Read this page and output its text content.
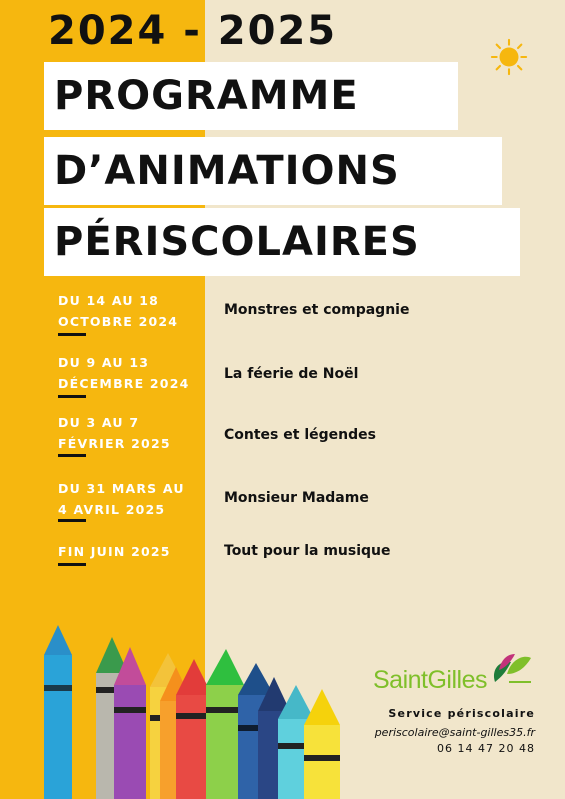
2024 - 2025
PROGRAMME
D’ANIMATIONS
PÉRISCOLAIRES
DU 14 AU 18
OCTOBRE 2024
Monstres et compagnie
DU 9 AU 13
DÉCEMBRE 2024
La féerie de Noël
DU 3 AU 7
FÉVRIER 2025
Contes et légendes
DU 31 MARS AU
4 AVRIL 2025
Monsieur Madame
FIN JUIN 2025	Tout pour la musique
SaintGilles
Service périscolaire
periscolaire@saint-gilles35.fr
06 14 47 20 48
